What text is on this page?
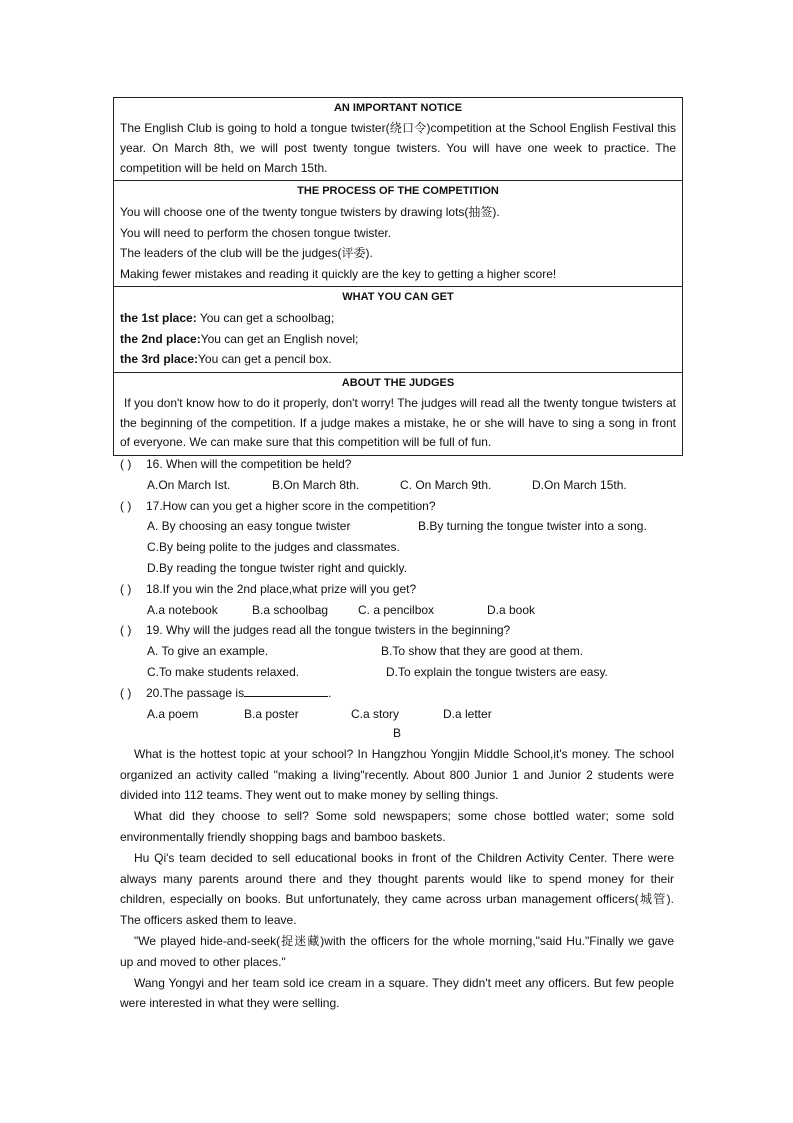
AN IMPORTANT NOTICE
The English Club is going to hold a tongue twister(绕口令)competition at the School English Festival this year. On March 8th, we will post twenty tongue twisters. You will have one week to practice. The competition will be held on March 15th.
THE PROCESS OF THE COMPETITION
You will choose one of the twenty tongue twisters by drawing lots(抽签).
You will need to perform the chosen tongue twister.
The leaders of the club will be the judges(评委).
Making fewer mistakes and reading it quickly are the key to getting a higher score!
WHAT YOU CAN GET
the 1st place: You can get a schoolbag;
the 2nd place:You can get an English novel;
the 3rd place:You can get a pencil box.
ABOUT THE JUDGES
If you don't know how to do it properly, don't worry! The judges will read all the twenty tongue twisters at the beginning of the competition. If a judge makes a mistake, he or she will have to sing a song in front of everyone. We can make sure that this competition will be full of fun.
( ) 16. When will the competition be held?
A.On March Ist.	B.On March 8th.	C. On March 9th.	D.On March 15th.
( ) 17.How can you get a higher score in the competition?
A. By choosing an easy tongue twister	B.By turning the tongue twister into a song.
C.By being polite to the judges and classmates.
D.By reading the tongue twister right and quickly.
( ) 18.If you win the 2nd place,what prize will you get?
A.a notebook	B.a schoolbag C. a pencilbox	D.a book
( ) 19. Why will the judges read all the tongue twisters in the beginning?
A. To give an example.	B.To show that they are good at them.
C.To make students relaxed.	D.To explain the tongue twisters are easy.
( ) 20.The passage is	.
A.a poem	B.a poster	C.a story	D.a letter
B

What is the hottest topic at your school? In Hangzhou Yongjin Middle School,it's money. The school organized an activity called "making a living"recently. About 800 Junior 1 and Junior 2 students were divided into 112 teams. They went out to make money by selling things.

What did they choose to sell? Some sold newspapers; some chose bottled water; some sold environmentally friendly shopping bags and bamboo baskets.

Hu Qi's team decided to sell educational books in front of the Children Activity Center. There were always many parents around there and they thought parents would like to spend money for their children, especially on books. But unfortunately, they came across urban management officers(城管). The officers asked them to leave.

"We played hide-and-seek(捉迷藏)with the officers for the whole morning,"said Hu."Finally we gave up and moved to other places."

Wang Yongyi and her team sold ice cream in a square. They didn't meet any officers. But few people were interested in what they were selling.
